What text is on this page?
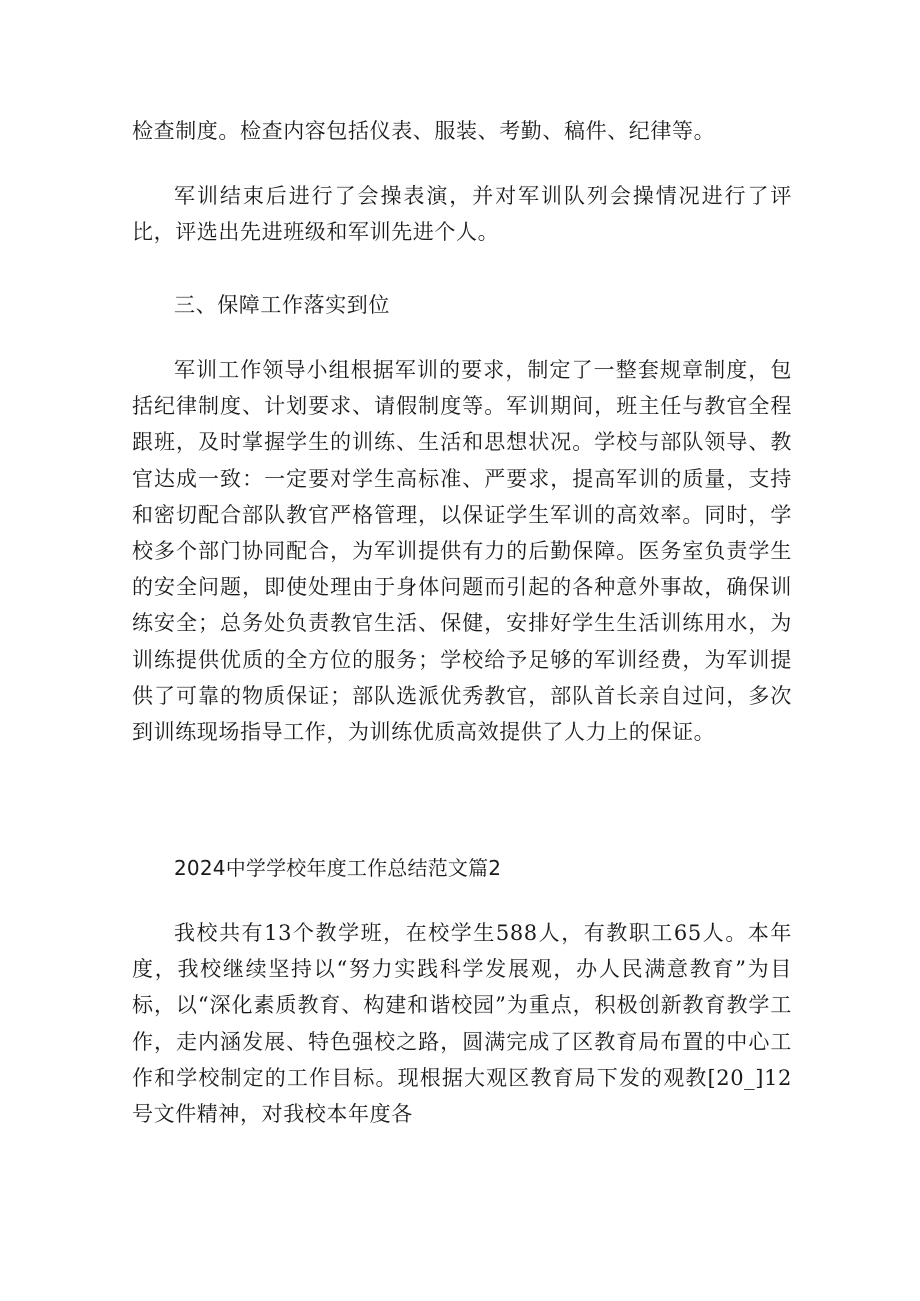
检查制度。检查内容包括仪表、服装、考勤、稿件、纪律等。

军训结束后进行了会操表演，并对军训队列会操情况进行了评比，评选出先进班级和军训先进个人。

三、保障工作落实到位

军训工作领导小组根据军训的要求，制定了一整套规章制度，包括纪律制度、计划要求、请假制度等。军训期间，班主任与教官全程跟班，及时掌握学生的训练、生活和思想状况。学校与部队领导、教官达成一致：一定要对学生高标准、严要求，提高军训的质量，支持和密切配合部队教官严格管理，以保证学生军训的高效率。同时，学校多个部门协同配合，为军训提供有力的后勤保障。医务室负责学生的安全问题，即使处理由于身体问题而引起的各种意外事故，确保训练安全；总务处负责教官生活、保健，安排好学生生活训练用水，为训练提供优质的全方位的服务；学校给予足够的军训经费，为军训提供了可靠的物质保证；部队选派优秀教官，部队首长亲自过问，多次到训练现场指导工作，为训练优质高效提供了人力上的保证。

2024中学学校年度工作总结范文篇2

我校共有13个教学班，在校学生588人，有教职工65人。本年度，我校继续坚持以“努力实践科学发展观，办人民满意教育”为目标，以“深化素质教育、构建和谐校园”为重点，积极创新教育教学工作，走内涵发展、特色强校之路，圆满完成了区教育局布置的中心工作和学校制定的工作目标。现根据大观区教育局下发的观教[20_]12号文件精神，对我校本年度各
